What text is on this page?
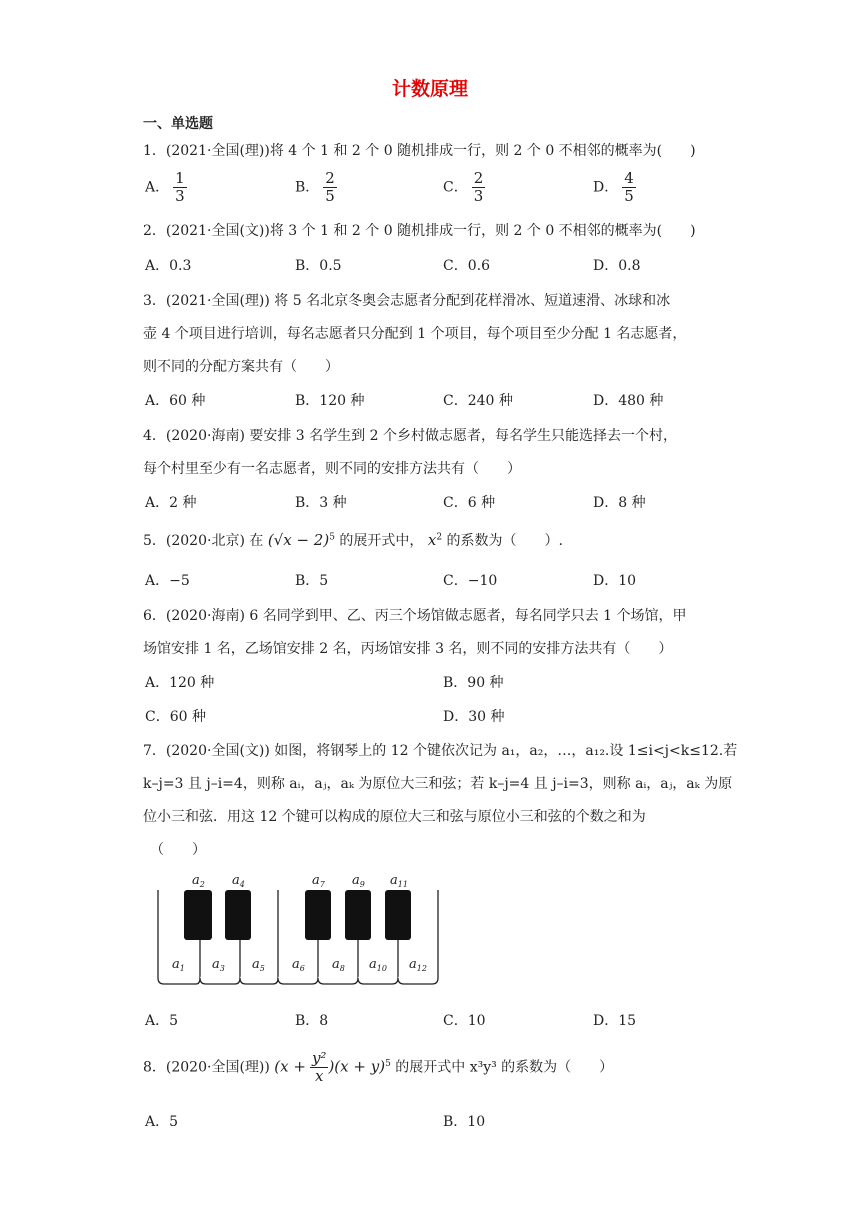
计数原理
一、单选题
1．(2021·全国(理))将 4 个 1 和 2 个 0 随机排成一行，则 2 个 0 不相邻的概率为(　　)
A． $\frac{1}{3}$	B． $\frac{2}{5}$	C． $\frac{2}{3}$	D． $\frac{4}{5}$
2．(2021·全国(文))将 3 个 1 和 2 个 0 随机排成一行，则 2 个 0 不相邻的概率为(　　)
A．0.3	B．0.5	C．0.6	D．0.8
3．(2021·全国(理)) 将 5 名北京冬奥会志愿者分配到花样滑冰、短道速滑、冰球和冰
壶 4 个项目进行培训，每名志愿者只分配到 1 个项目，每个项目至少分配 1 名志愿者，
则不同的分配方案共有（　　）
A．60 种	B．120 种	C．240 种	D．480 种
4．(2020·海南) 要安排 3 名学生到 2 个乡村做志愿者，每名学生只能选择去一个村，
每个村里至少有一名志愿者，则不同的安排方法共有（　　）
A．2 种	B．3 种	C．6 种	D．8 种
5．(2020·北京) 在 $(√x - 2)^5$ 的展开式中， $x^2$ 的系数为（　　）.
A．−5	B．5	C．−10	D．10
6．(2020·海南) 6 名同学到甲、乙、丙三个场馆做志愿者，每名同学只去 1 个场馆，甲
场馆安排 1 名，乙场馆安排 2 名，丙场馆安排 3 名，则不同的安排方法共有（　　）
A．120 种	B．90 种
C．60 种	D．30 种
7．(2020·全国(文)) 如图，将钢琴上的 12 个键依次记为 a₁，a₂，…，a₁₂.设 1≤i<j<k≤12.若
k–j=3 且 j–i=4，则称 aᵢ，aⱼ，aₖ 为原位大三和弦；若 k–j=4 且 j–i=3，则称 aᵢ，aⱼ，aₖ 为原
位小三和弦．用这 12 个键可以构成的原位大三和弦与原位小三和弦的个数之和为
（　　）
$a_2$ $a_4$	$a_7$ $a_9$ $a_{11}$
$a_1$ $a_3$ $a_5$ $a_6$ $a_8$ $a_{10}$ $a_{12}$
A．5	B．8	C．10	D．15
8．(2020·全国(理)) $(x + \frac{\text{y²}}{x} )(x + y)^5$ 的展开式中 x³y³ 的系数为（　　）
A．5	B．10
